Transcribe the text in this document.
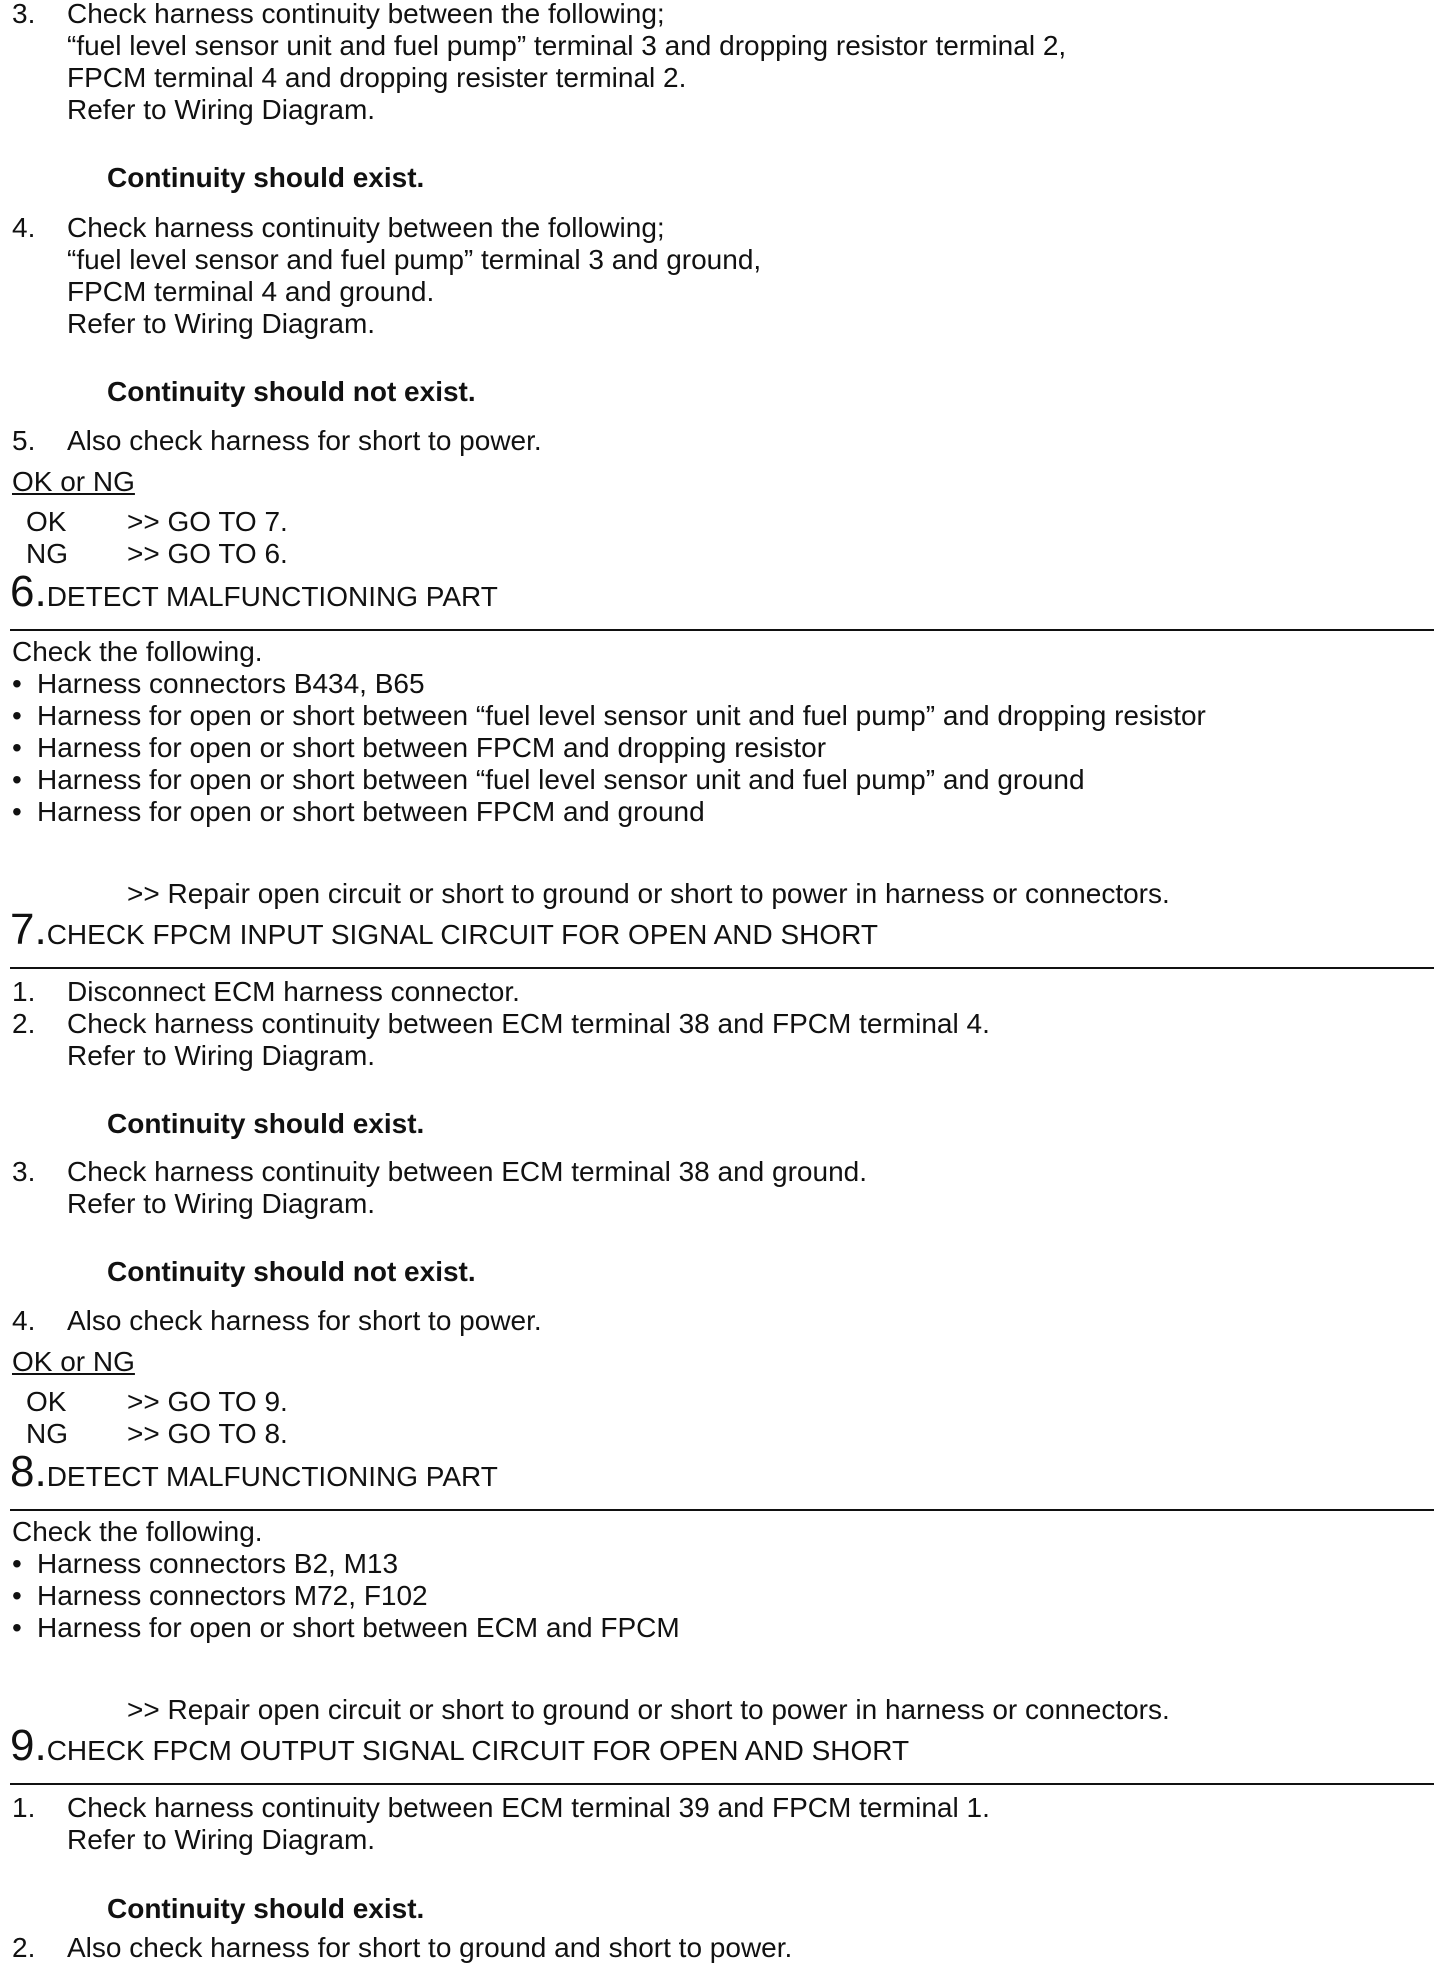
3. Check harness continuity between the following;
“fuel level sensor unit and fuel pump” terminal 3 and dropping resistor terminal 2,
FPCM terminal 4 and dropping resister terminal 2.
Refer to Wiring Diagram.
Continuity should exist.
4. Check harness continuity between the following;
“fuel level sensor and fuel pump” terminal 3 and ground,
FPCM terminal 4 and ground.
Refer to Wiring Diagram.
Continuity should not exist.
5. Also check harness for short to power.
OK or NG
OK >> GO TO 7.
NG >> GO TO 6.
6.DETECT MALFUNCTIONING PART
Check the following.
• Harness connectors B434, B65
• Harness for open or short between “fuel level sensor unit and fuel pump” and dropping resistor
• Harness for open or short between FPCM and dropping resistor
• Harness for open or short between “fuel level sensor unit and fuel pump” and ground
• Harness for open or short between FPCM and ground
>> Repair open circuit or short to ground or short to power in harness or connectors.
7.CHECK FPCM INPUT SIGNAL CIRCUIT FOR OPEN AND SHORT
1. Disconnect ECM harness connector.
2. Check harness continuity between ECM terminal 38 and FPCM terminal 4.
Refer to Wiring Diagram.
Continuity should exist.
3. Check harness continuity between ECM terminal 38 and ground.
Refer to Wiring Diagram.
Continuity should not exist.
4. Also check harness for short to power.
OK or NG
OK >> GO TO 9.
NG >> GO TO 8.
8.DETECT MALFUNCTIONING PART
Check the following.
• Harness connectors B2, M13
• Harness connectors M72, F102
• Harness for open or short between ECM and FPCM
>> Repair open circuit or short to ground or short to power in harness or connectors.
9.CHECK FPCM OUTPUT SIGNAL CIRCUIT FOR OPEN AND SHORT
1. Check harness continuity between ECM terminal 39 and FPCM terminal 1.
Refer to Wiring Diagram.
Continuity should exist.
2. Also check harness for short to ground and short to power.
